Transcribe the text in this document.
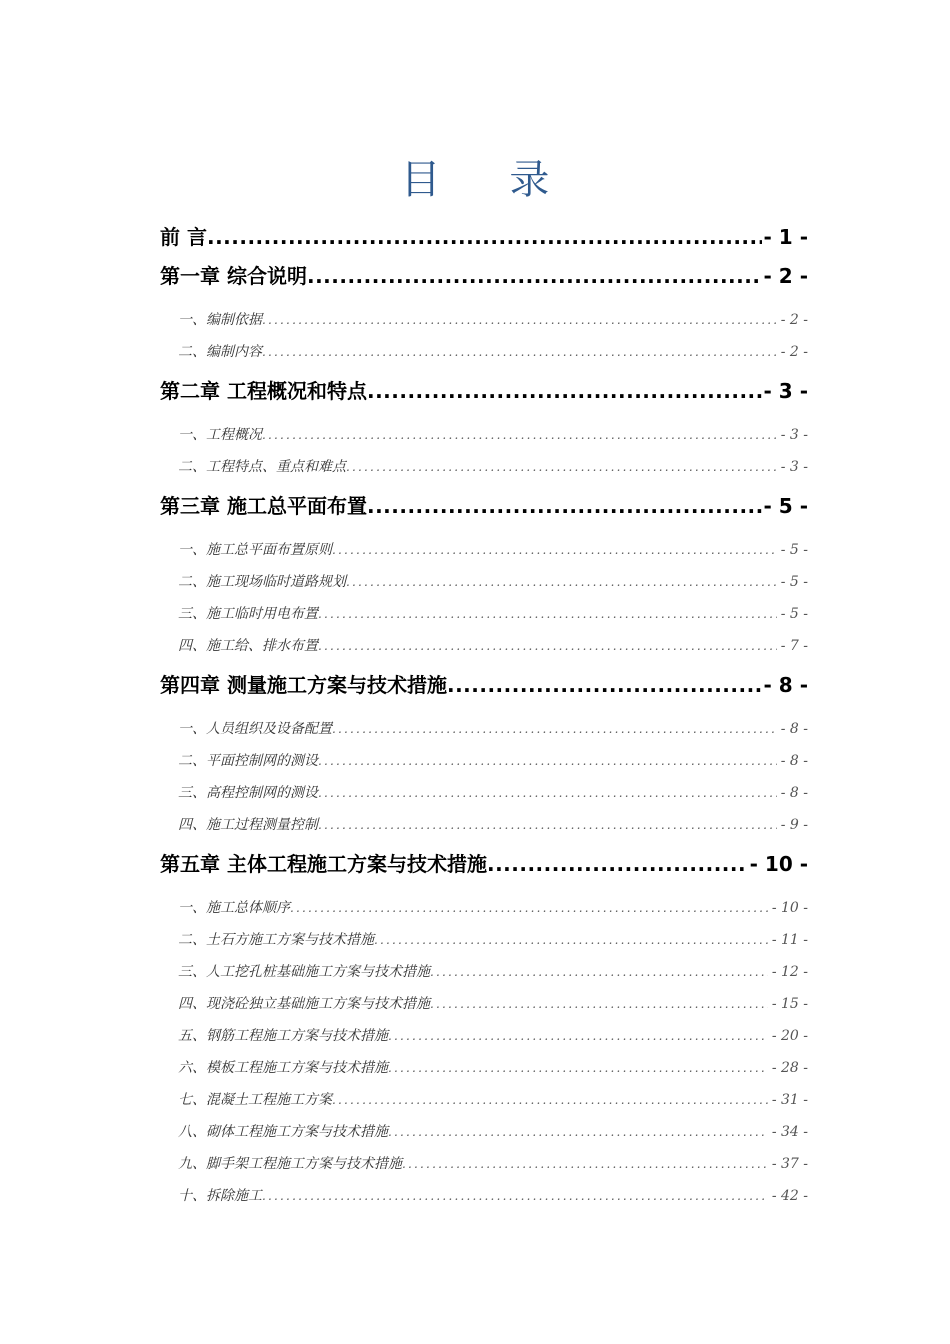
目 录
前 言 .....	- 1 -
第一章 综合说明 .....	- 2 -
一、编制依据 .....	- 2 -
二、编制内容 .....	- 2 -
第二章 工程概况和特点 .....	- 3 -
一、工程概况 .....	- 3 -
二、工程特点、重点和难点 .....	- 3 -
第三章 施工总平面布置 .....	- 5 -
一、施工总平面布置原则 .....	- 5 -
二、施工现场临时道路规划 .....	- 5 -
三、施工临时用电布置 .....	- 5 -
四、施工给、排水布置 .....	- 7 -
第四章 测量施工方案与技术措施 .....	- 8 -
一、人员组织及设备配置 .....	- 8 -
二、平面控制网的测设 .....	- 8 -
三、高程控制网的测设 .....	- 8 -
四、施工过程测量控制 .....	- 9 -
第五章 主体工程施工方案与技术措施 .....	- 10 -
一、施工总体顺序 .....	- 10 -
二、土石方施工方案与技术措施 .....	- 11 -
三、人工挖孔桩基础施工方案与技术措施 .....	- 12 -
四、现浇砼独立基础施工方案与技术措施 .....	- 15 -
五、钢筋工程施工方案与技术措施 .....	- 20 -
六、模板工程施工方案与技术措施 .....	- 28 -
七、混凝土工程施工方案 .....	- 31 -
八、砌体工程施工方案与技术措施 .....	- 34 -
九、脚手架工程施工方案与技术措施 .....	- 37 -
十、拆除施工 .....	- 42 -
